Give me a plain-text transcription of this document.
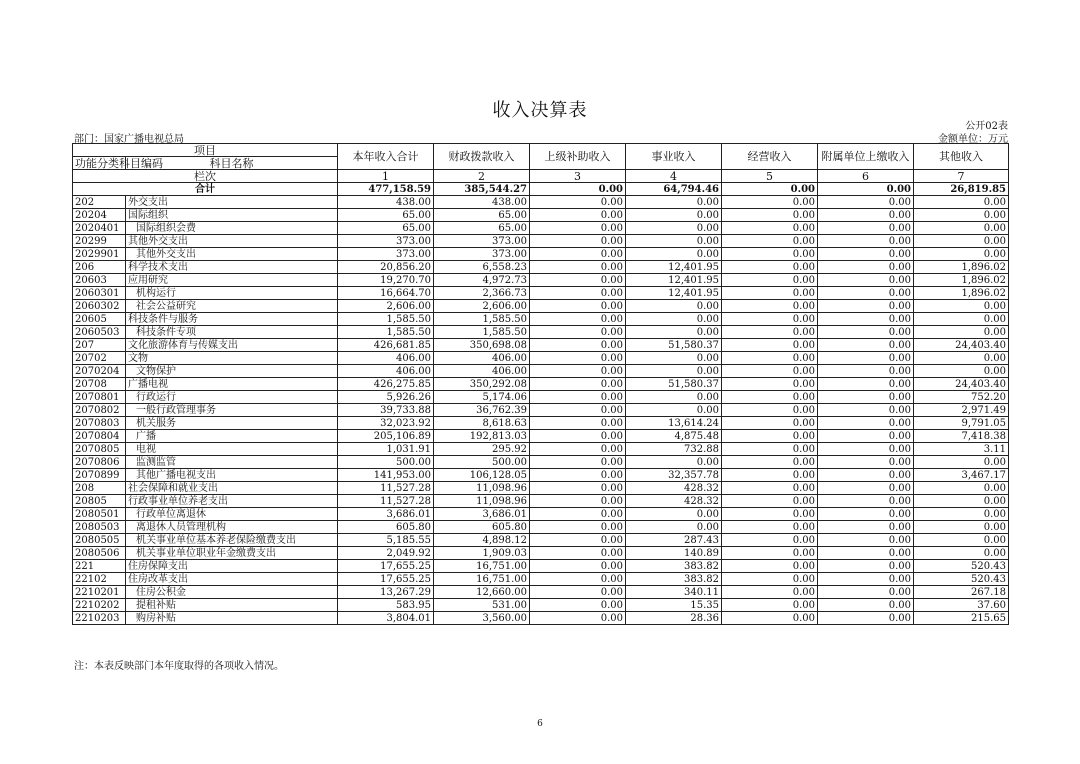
收入决算表
公开02表
部门：国家广播电视总局	金额单位：万元
项目		本年收入合计	财政拨款收入	上级补助收入	事业收入	经营收入	附属单位上缴收入	其他收入
功能分类科目编码	科目名称							
栏次		1	2	3	4	5	6	7
合计		477,158.59	385,544.27	0.00	64,794.46	0.00	0.00	26,819.85
202	外交支出	438.00	438.00	0.00	0.00	0.00	0.00	0.00
20204	国际组织	65.00	65.00	0.00	0.00	0.00	0.00	0.00
2020401	国际组织会费	65.00	65.00	0.00	0.00	0.00	0.00	0.00
20299	其他外交支出	373.00	373.00	0.00	0.00	0.00	0.00	0.00
2029901	其他外交支出	373.00	373.00	0.00	0.00	0.00	0.00	0.00
206	科学技术支出	20,856.20	6,558.23	0.00	12,401.95	0.00	0.00	1,896.02
20603	应用研究	19,270.70	4,972.73	0.00	12,401.95	0.00	0.00	1,896.02
2060301	机构运行	16,664.70	2,366.73	0.00	12,401.95	0.00	0.00	1,896.02
2060302	社会公益研究	2,606.00	2,606.00	0.00	0.00	0.00	0.00	0.00
20605	科技条件与服务	1,585.50	1,585.50	0.00	0.00	0.00	0.00	0.00
2060503	科技条件专项	1,585.50	1,585.50	0.00	0.00	0.00	0.00	0.00
207	文化旅游体育与传媒支出	426,681.85	350,698.08	0.00	51,580.37	0.00	0.00	24,403.40
20702	文物	406.00	406.00	0.00	0.00	0.00	0.00	0.00
2070204	文物保护	406.00	406.00	0.00	0.00	0.00	0.00	0.00
20708	广播电视	426,275.85	350,292.08	0.00	51,580.37	0.00	0.00	24,403.40
2070801	行政运行	5,926.26	5,174.06	0.00	0.00	0.00	0.00	752.20
2070802	一般行政管理事务	39,733.88	36,762.39	0.00	0.00	0.00	0.00	2,971.49
2070803	机关服务	32,023.92	8,618.63	0.00	13,614.24	0.00	0.00	9,791.05
2070804	广播	205,106.89	192,813.03	0.00	4,875.48	0.00	0.00	7,418.38
2070805	电视	1,031.91	295.92	0.00	732.88	0.00	0.00	3.11
2070806	监测监管	500.00	500.00	0.00	0.00	0.00	0.00	0.00
2070899	其他广播电视支出	141,953.00	106,128.05	0.00	32,357.78	0.00	0.00	3,467.17
208	社会保障和就业支出	11,527.28	11,098.96	0.00	428.32	0.00	0.00	0.00
20805	行政事业单位养老支出	11,527.28	11,098.96	0.00	428.32	0.00	0.00	0.00
2080501	行政单位离退休	3,686.01	3,686.01	0.00	0.00	0.00	0.00	0.00
2080503	离退休人员管理机构	605.80	605.80	0.00	0.00	0.00	0.00	0.00
2080505	机关事业单位基本养老保险缴费支出	5,185.55	4,898.12	0.00	287.43	0.00	0.00	0.00
2080506	机关事业单位职业年金缴费支出	2,049.92	1,909.03	0.00	140.89	0.00	0.00	0.00
221	住房保障支出	17,655.25	16,751.00	0.00	383.82	0.00	0.00	520.43
22102	住房改革支出	17,655.25	16,751.00	0.00	383.82	0.00	0.00	520.43
2210201	住房公积金	13,267.29	12,660.00	0.00	340.11	0.00	0.00	267.18
2210202	提租补贴	583.95	531.00	0.00	15.35	0.00	0.00	37.60
2210203	购房补贴	3,804.01	3,560.00	0.00	28.36	0.00	0.00	215.65
注：本表反映部门本年度取得的各项收入情况。
6
